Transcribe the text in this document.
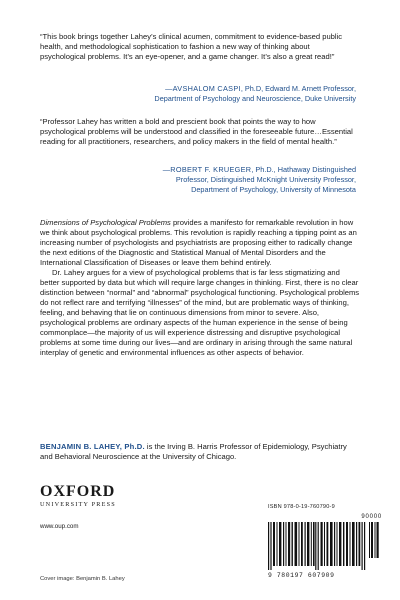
“This book brings together Lahey’s clinical acumen, commitment to evidence-based public health, and methodological sophistication to fashion a new way of thinking about psychological problems. It’s an eye-opener, and a game changer. It’s also a great read!”
—AVSHALOM CASPI, Ph.D, Edward M. Arnett Professor,
Department of Psychology and Neuroscience, Duke University
“Professor Lahey has written a bold and prescient book that points the way to how psychological problems will be understood and classified in the foreseeable future…Essential reading for all practitioners, researchers, and policy makers in the field of mental health.”
—ROBERT F. KRUEGER, Ph.D., Hathaway Distinguished
Professor, Distinguished McKnight University Professor,
Department of Psychology, University of Minnesota

Dimensions of Psychological Problems provides a manifesto for remarkable revolution in how we think about psychological problems. This revolution is rapidly reaching a tipping point as an increasing number of psychologists and psychiatrists are proposing either to radically change the next editions of the Diagnostic and Statistical Manual of Mental Disorders and the International Classification of Diseases or leave them behind entirely.

Dr. Lahey argues for a view of psychological problems that is far less stigmatizing and better supported by data but which will require large changes in thinking. First, there is no clear distinction between “normal” and “abnormal” psychological functioning. Psychological problems do not reflect rare and terrifying “illnesses” of the mind, but are problematic ways of thinking, feeling, and behaving that lie on continuous dimensions from minor to severe. Also, psychological problems are ordinary aspects of the human experience in the sense of being commonplace—the majority of us will experience distressing and disruptive psychological problems at some time during our lives—and are ordinary in arising through the same natural interplay of genetic and environmental influences as other aspects of behavior.

BENJAMIN B. LAHEY, Ph.D. is the Irving B. Harris Professor of Epidemiology, Psychiatry and Behavioral Neuroscience at the University of Chicago.
OXFORD
UNIVERSITY PRESS
www.oup.com
ISBN 978-0-19-760790-9
90000
9 780197 607909
Cover image: Benjamin B. Lahey
